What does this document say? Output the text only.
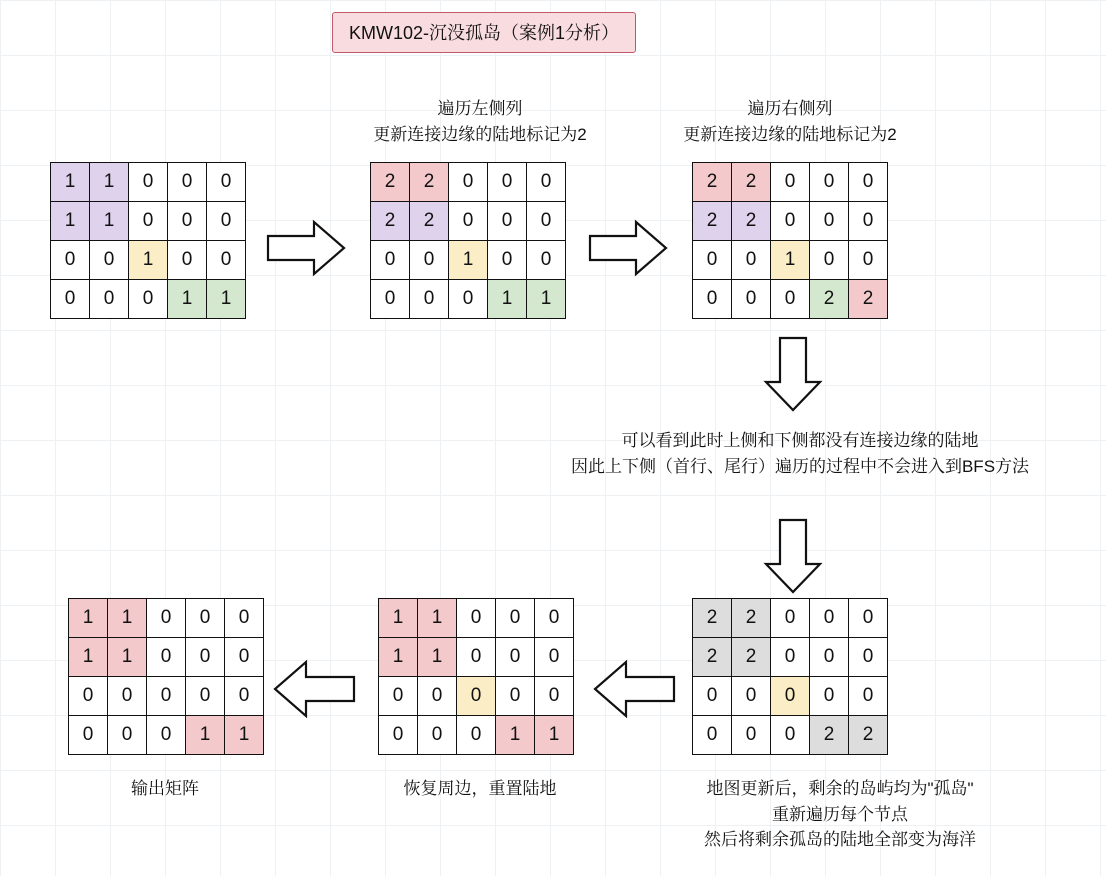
KMW102-沉没孤岛（案例1分析）
遍历左侧列
更新连接边缘的陆地标记为2
遍历右侧列
更新连接边缘的陆地标记为2
1	1	0	0	0
1	1	0	0	0
0	0	1	0	0
0	0	0	1	1
2	2	0	0	0
2	2	0	0	0
0	0	1	0	0
0	0	0	1	1
2	2	0	0	0
2	2	0	0	0
0	0	1	0	0
0	0	0	2	2
可以看到此时上侧和下侧都没有连接边缘的陆地
因此上下侧（首行、尾行）遍历的过程中不会进入到BFS方法
2	2	0	0	0
2	2	0	0	0
0	0	0	0	0
0	0	0	2	2
1	1	0	0	0
1	1	0	0	0
0	0	0	0	0
0	0	0	1	1
1	1	0	0	0
1	1	0	0	0
0	0	0	0	0
0	0	0	1	1
输出矩阵	恢复周边，重置陆地	地图更新后，剩余的岛屿均为"孤岛"
重新遍历每个节点
然后将剩余孤岛的陆地全部变为海洋
